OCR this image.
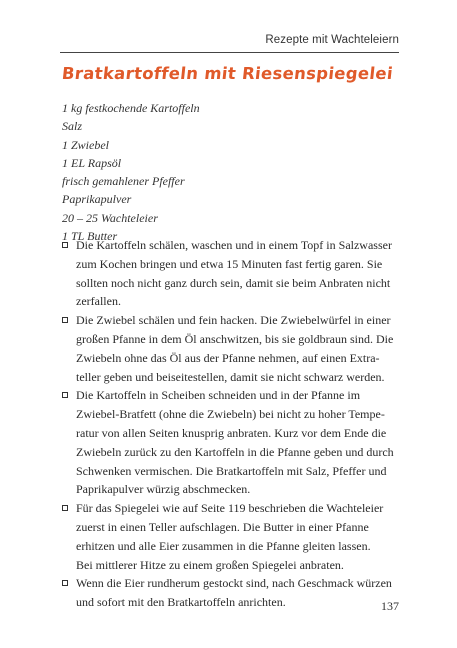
Rezepte mit Wachteleiern
Bratkartoffeln mit Riesenspiegelei
1 kg festkochende Kartoffeln
Salz
1 Zwiebel
1 EL Rapsöl
frisch gemahlener Pfeffer
Paprikapulver
20 – 25 Wachteleier
1 TL Butter
Die Kartoffeln schälen, waschen und in einem Topf in Salzwasser
zum Kochen bringen und etwa 15 Minuten fast fertig garen. Sie
sollten noch nicht ganz durch sein, damit sie beim Anbraten nicht
zerfallen.
Die Zwiebel schälen und fein hacken. Die Zwiebelwürfel in einer
großen Pfanne in dem Öl anschwitzen, bis sie goldbraun sind. Die
Zwiebeln ohne das Öl aus der Pfanne nehmen, auf einen Extra-
teller geben und beiseitestellen, damit sie nicht schwarz werden.
Die Kartoffeln in Scheiben schneiden und in der Pfanne im
Zwiebel-Bratfett (ohne die Zwiebeln) bei nicht zu hoher Tempe-
ratur von allen Seiten knusprig anbraten. Kurz vor dem Ende die
Zwiebeln zurück zu den Kartoffeln in die Pfanne geben und durch
Schwenken vermischen. Die Bratkartoffeln mit Salz, Pfeffer und
Paprikapulver würzig abschmecken.
Für das Spiegelei wie auf Seite 119 beschrieben die Wachteleier
zuerst in einen Teller aufschlagen. Die Butter in einer Pfanne
erhitzen und alle Eier zusammen in die Pfanne gleiten lassen.
Bei mittlerer Hitze zu einem großen Spiegelei anbraten.
Wenn die Eier rundherum gestockt sind, nach Geschmack würzen
und sofort mit den Bratkartoffeln anrichten.	137
